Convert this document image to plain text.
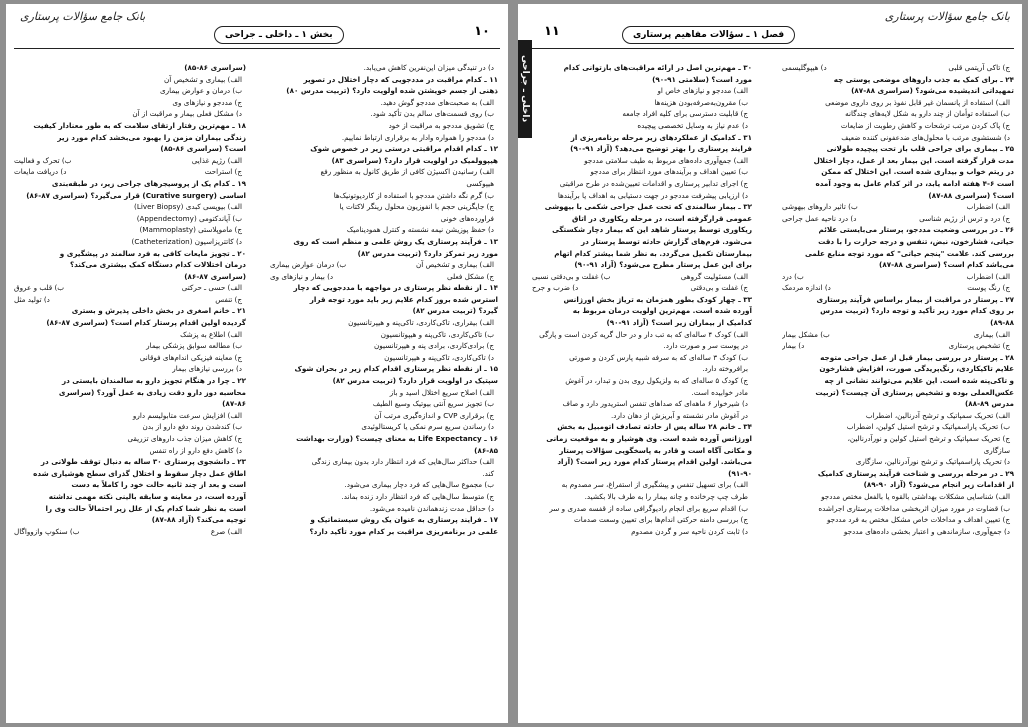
بانک جامع سؤالات پرستاری
بخش ۱ ـ داخلی ـ جراحی	۱۰
د) در تنیدگی میزان این‌نفرین کاهش می‌یابد.
۱۱ ـ کدام مراقبت در مددجویی که دچار اختلال در تصویر
ذهنی از جسم خویشتن شده اولویت دارد؟ (تربیت مدرس ۸۰)
الف) به صحبت‌های مددجو گوش دهید.
ب) روی قسمت‌های سالم بدن تأکید شود.
ج) تشویق مددجو به مراقبت از خود
د) مددجو را همواره وادار به برقراری ارتباط نماییم.
۱۲ ـ کدام اقدام مراقبتی درستی زیر در خصوص شوک
هیپوولمیک در اولویت قرار دارد؟ (سراسری ۸۳)
الف) رسانیدن اکسیژن کافی از طریق کانول به منظور رفع
هیپوکسی
ب) گرم نگه داشتن مددجو با استفاده از کاردیوتونیک‌ها
ج) جایگزینی حجم با انفوزیون محلول رینگر لاکتات یا
فراورده‌های خونی
د) حفظ پوزیشن نیمه نشسته و کنترل همودینامیک
۱۳ ـ فرآیند پرستاری یک روش علمی و منظم است که روی
مورد زیر تمرکز دارد؟ (تربیت مدرس ۸۲)
الف) بیماری و تشخیص آن
ب) درمان عوارض بیماری
ج) مشکل فعلی
د) بیمار و نیازهای وی
۱۴ ـ از نقطه نظر پرستاری در مواجهه با مددجویی که دچار
استرس شده بروز کدام علایم زیر باید مورد توجه قرار
گیرد؟ (تربیت مدرس ۸۲)
الف) بیقراری، تاکی‌کاردی، تاکی‌پنه و هیپرتانسیون
ب) تاکی‌کاردی، تاکی‌پنه و هیپوتانسیون
ج) برادی‌کاردی، برادی پنه و هیپرتانسیون
د) تاکی‌کاردی، تاکی‌پنه و هیپرتانسیون
۱۵ ـ از نقطه نظر پرستاری اقدام کدام زیر در بحران شوک
سپتیک در اولویت قرار دارد؟ (تربیت مدرس ۸۲)
الف) اصلاح سریع اختلال اسید و باز
ب) تجویز سریع آنتی بیوتیک وسیع الطیف
ج) برقراری CVP و اندازه‌گیری مرتب آن
د) رساندن سریع سرم نمکی یا کریستالوئیدی
۱۶ ـ Life Expectancy به معنای چیست؟ (وزارت بهداشت
۸۶-۸۵)
الف) حداکثر سال‌هایی که فرد انتظار دارد بدون بیماری زندگی
کند.
ب) مجموع سال‌هایی که فرد دچار بیماری می‌شود.
ج) متوسط سال‌هایی که فرد انتظار دارد زنده بماند.
د) حداقل مدت زندهماندن نامیده می‌شود.
۱۷ ـ فرایند پرستاری به عنوان یک روش سیستماتیک و
علمی در برنامه‌ریزی مراقبت بر کدام مورد تأکید دارد؟
(سراسری ۸۶-۸۵)
الف) بیماری و تشخیص آن
ب) درمان و عوارض بیماری
ج) مددجو و نیازهای وی
د) مشکل فعلی بیمار و مراقبت از آن
۱۸ ـ مهم‌ترین رفتار ارتقای سلامت که به طور معنادار کیفیت
زندگی بیماران مزمن را بهبود می‌بخشد کدام مورد زیر
است؟ (سراسری ۸۶-۸۵)
الف) رژیم غذایی
ب) تحرک و فعالیت
ج) استراحت
د) دریافت مایعات
۱۹ ـ کدام یک از پروسیجرهای جراحی زیر، در طبقه‌بندی
اساسی (Curative surgery) قرار می‌گیرد؟ (سراسری ۸۷-۸۶)
الف) بیوپسی کبدی (Liver Biopsy)
ب) آپاندکتومی (Appendectomy)
ج) ماموپلاستی (Mammoplasty)
د) کاتتریزاسیون (Catheterization)
۲۰ ـ تجویز مایعات کافی به فرد سالمند در پیشگیری و
درمان اختلالات کدام دستگاه کمک بیشتری می‌کند؟
(سراسری ۸۷-۸۶)
الف) حسی ـ حرکتی
ب) قلب و عروق
ج) تنفس
د) تولید مثل
۲۱ ـ خانم اصغری در بخش داخلی پذیرش و بستری
گردیده اولین اقدام پرستار کدام است؟ (سراسری ۸۷-۸۶)
الف) اطلاع به پزشک
ب) مطالعه سوابق پزشکی بیمار
ج) معاینه فیزیکی اندام‌های فوقانی
د) بررسی نیازهای بیمار
۲۲ ـ چرا در هنگام تجویز دارو به سالمندان بایستی در
محاسبه دوز دارو دقت زیادی به عمل آورد؟ (سراسری
۸۷-۸۶)
الف) افزایش سرعت متابولیسم دارو
ب) کندشدن روند دفع دارو از بدن
ج) کاهش میزان جذب داروهای تزریقی
د) کاهش دفع دارو از راه تنفس
۲۳ ـ دانشجوی پرستاری ۳۰ ساله به دنبال توقف طولانی در
اطاق عمل دچار سقوط و اختلال گذرای سطح هوشیاری شده
است و بعد از چند ثانیه حالت خود را کاملاً به دست
آورده است، در معاینه و سابقه بالینی نکته مهمی نداشته
است به نظر شما کدام یک از علل زیر احتمالاً حالت وی را
توجیه می‌کند؟ (آزاد ۸۸-۸۷)
الف) صرع
ب) سنکوپ وازوواگال
۱۱	فصل ۱ ـ سؤالات مفاهیم پرستاری
بانک جامع سؤالات پرستاری
ج) تاکی آریتمی قلبی
د) هیپوگلیسمی
۲۴ ـ برای کمک به جذب داروهای موضعی پوستی چه
تمهیداتی اندیشیده می‌شود؟ (سراسری ۸۸-۸۷)
الف) استفاده از پانسمان غیر قابل نفوذ بر روی داروی موضعی
ب) استفاده توأمان از چند دارو به شکل لایه‌های چندگانه
ج) پاک کردن مرتب ترشحات و کاهش رطوبت از ضایعات
د) شستشوی مرتب با محلول‌های ضدعفونی کننده ضعیف
۲۵ ـ بیماری برای جراحی قلب باز تحت پیچیده طولانی
مدت قرار گرفته است. این بیمار بعد از عمل، دچار اختلال
در ریتم خواب و بیداری شده است. این اختلال که ممکن
است ۶-۴ هفته ادامه یابد، در اثر کدام عامل به وجود آمده
است؟ (سراسری ۸۸-۸۷)
الف) اضطراب
ب) تاثیر داروهای بیهوشی
ج) درد و ترس از رژیم شناسی
د) درد ناحیه عمل جراحی
۲۶ ـ در بررسی وضعیت مددجو، پرستار می‌بایستی علائم
حیاتی، فشارخون، نبض، تنفس و درجه حرارت را با دقت
بررسی کند. علامت "پنجم حیاتی" که مورد توجه منابع علمی
می‌باشد کدام است؟ (سراسری ۸۸-۸۷)
الف) اضطراب
ب) درد
ج) رنگ پوست
د) اندازه مردمک
۲۷ ـ پرستار در مراقبت از بیمار براساس فرآیند پرستاری
بر روی کدام مورد زیر تأکید و توجه دارد؟ (تربیت مدرس
۸۹-۸۸)
الف) بیماری
ب) مشکل بیمار
ج) تشخیص پرستاری
د) بیمار
۲۸ ـ پرستار در بررسی بیمار قبل از عمل جراحی متوجه
علایم تاکیکاردی، رنگ‌پریدگی صورت، افزایش فشارخون
و تاکی‌پنه شده است. این علایم می‌توانند نشانی از چه
عکس‌العملی بوده و تشخیص پرستاری آن چیست؟ (تربیت
مدرس ۸۹-۸۸)
الف) تحریک سمپاتیک و ترشح آدرنالین، اضطراب
ب) تحریک پاراسمپاتیک و ترشح استیل کولین، اضطراب
ج) تحریک سمپاتیک و ترشح استیل کولین و نورآدرنالین،
سازگاری
د) تحریک پاراسمپاتیک و ترشح نورآدرنالین، سازگاری
۲۹ ـ در مرحله بررسی و شناخت فرآیند پرستاری کدامیک
از اقدامات زیر انجام می‌شود؟ (آزاد ۹۰-۸۹)
الف) شناسایی مشکلات بهداشتی بالقوه یا بالفعل مختص مددجو
ب) قضاوت در مورد میزان اثربخشی مداخلات پرستاری اجراشده
ج) تعیین اهداف و مداخلات خاص مشکل مختص به فرد مددجو
د) جمع‌آوری، سازماندهی و اعتبار بخشی داده‌های مددجو
۳۰ ـ مهم‌ترین اصل در ارائه مراقبت‌های بازتوانی کدام
مورد است؟ (سلامتی ۹۱-۹۰)
الف) مددجو و نیازهای خاص او
ب) مقرون‌به‌صرفه‌بودن هزینه‌ها
ج) قابلیت دسترسی برای کلیه افراد جامعه
د) عدم نیاز به وسایل تخصصی پیچیده
۳۱ ـ کدامیک از عملکردهای زیر مرحله برنامه‌ریزی از
فرایند پرستاری را بهتر توضیح می‌دهد؟ (آزاد ۹۱-۹۰)
الف) جمع‌آوری داده‌های مربوط به طیف سلامتی مددجو
ب) تعیین اهداف و برآیندهای مورد انتظار برای مددجو
ج) اجرای تدابیر پرستاری و اقدامات تعیین‌شده در طرح مراقبتی
د) ارزیابی پیشرفت مددجو در جهت دستیابی به اهداف یا برآیندها
۳۲ ـ بیمار سالمندی که تحت عمل جراحی شکمی با بیهوشی
عمومی قرارگرفته است، در مرحله ریکاوری در اتاق
ریکاوری توسط پرستار شاهد این که بیمار دچار شکستگی
می‌شود. فرم‌های گزارش حادثه توسط پرستار در
بیمارستان تکمیل می‌گردد. به نظر شما بیشتر کدام اتهام
برای این عمل پرستار مطرح می‌شود؟ (آزاد ۹۱-۹۰)
الف) مسئولیت گروهی
ب) غفلت و بی‌دقتی نسبی
ج) غفلت و بی‌دقتی
د) ضرب و جرح
۳۳ ـ چهار کودک بطور همزمان به تریاژ بخش اورژانس
آورده شده است. مهم‌ترین اولویت درمان مربوط به
کدامیک از بیماران زیر است؟ (آزاد ۹۱-۹۰)
الف) کودک ۴ ساله‌ای که به تب دار و در حال گریه کردن است و پارگی
در پوست سر و صورت دارد.
ب) کودک ۳ ساله‌ای که به سرفه شبیه پارس کردن و صورتی
برافروخته دارد.
ج) کودک ۵ ساله‌ای که به ولزیکول روی بدن و تبدار، در آغوش
مادر خوابیده است.
د) شیرخوار ۶ ماهه‌ای که صداهای تنفس استریدور دارد و صاف
در آغوش مادر نشسته و آبریزش از دهان دارد.
۳۴ ـ خانم ۲۸ ساله پس از حادثه تصادف اتومبیل به بخش
اورژانس آورده شده است. وی هوشیار و به موقعیت زمانی
و مکانی آگاه است و قادر به پاسخگویی سؤالات پرستار
می‌باشد. اولین اقدام پرستار کدام مورد زیر است؟ (آزاد
۹۱-۹۰)
الف) برای تسهیل تنفس و پیشگیری از استفراغ، سر مصدوم به
طرف چپ چرخانده و چانه بیمار را به طرف بالا بکشید.
ب) اقدام سریع برای انجام رادیوگرافی ساده از قفسه صدری و سر
ج) بررسی دامنه حرکتی اندام‌ها برای تعیین وسعت صدمات
د) ثابت کردن ناحیه سر و گردن مصدوم
داخلی ـ جراحی
